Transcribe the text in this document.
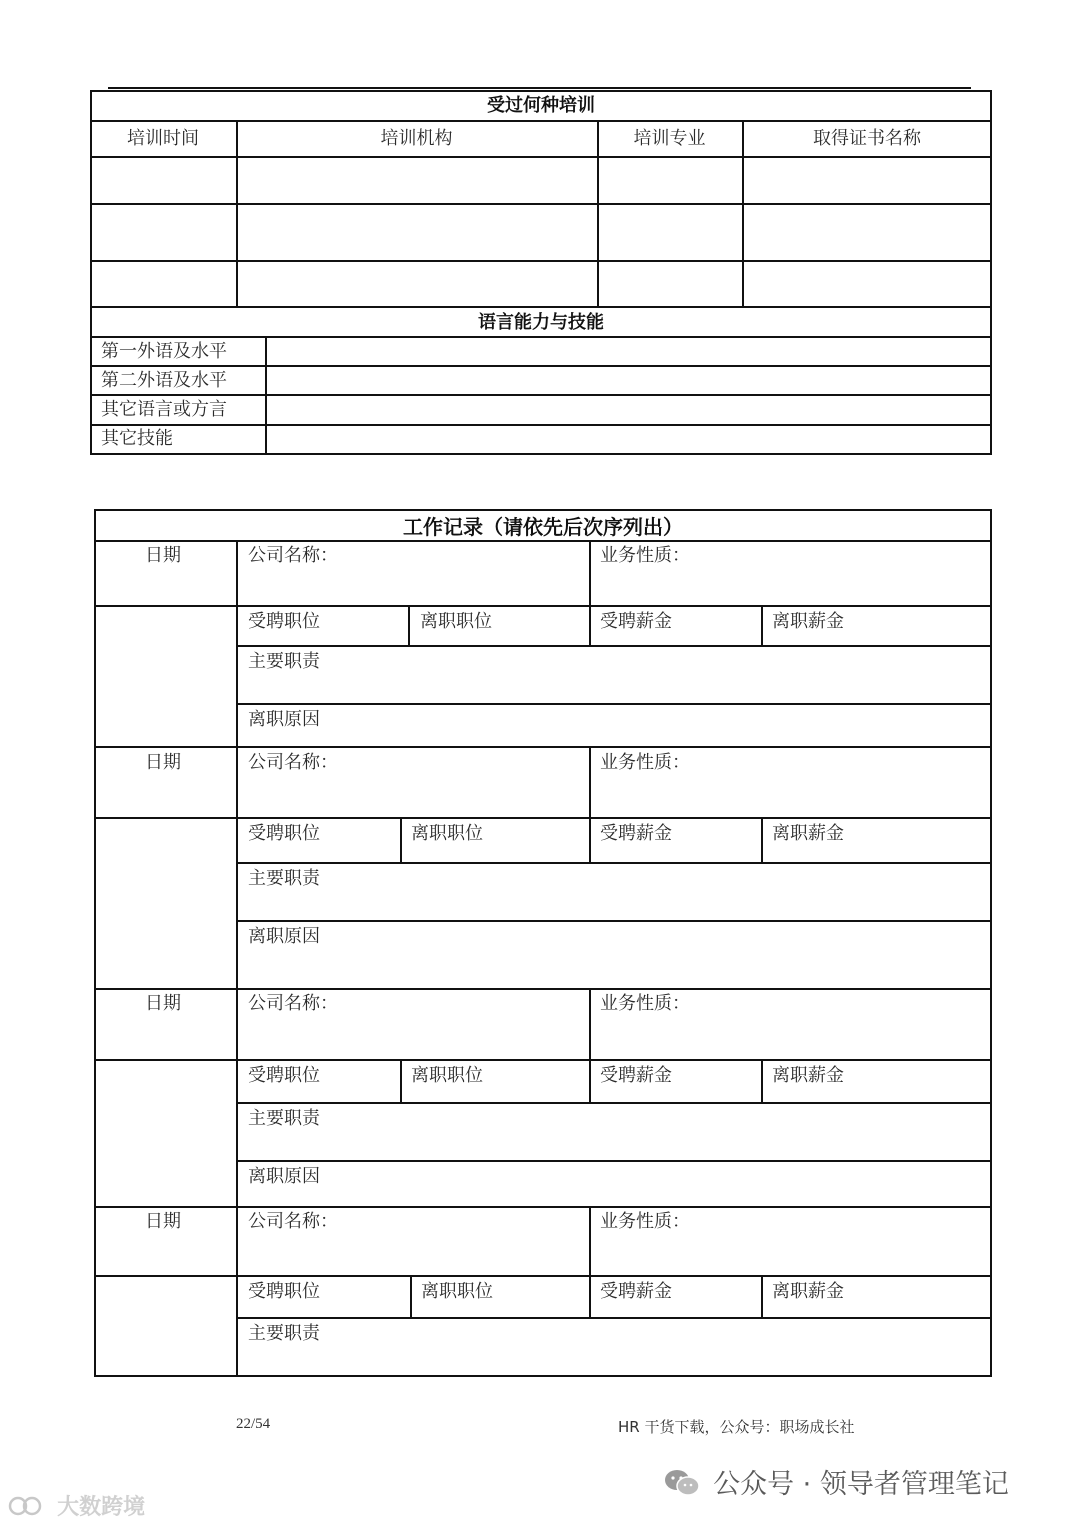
受过何种培训
培训时间	培训机构	培训专业	取得证书名称
语言能力与技能
第一外语及水平
第二外语及水平
其它语言或方言
其它技能
工作记录（请依先后次序列出）
日期	公司名称：	业务性质：
受聘职位	离职职位	受聘薪金	离职薪金
主要职责
离职原因
日期	公司名称：	业务性质：
受聘职位	离职职位	受聘薪金	离职薪金
主要职责
离职原因
日期	公司名称：	业务性质：
受聘职位	离职职位	受聘薪金	离职薪金
主要职责
离职原因
日期	公司名称：	业务性质：
受聘职位	离职职位	受聘薪金	离职薪金
主要职责
22/54	HR 干货下载，公众号：职场成长社
公众号 · 领导者管理笔记
大数跨境
